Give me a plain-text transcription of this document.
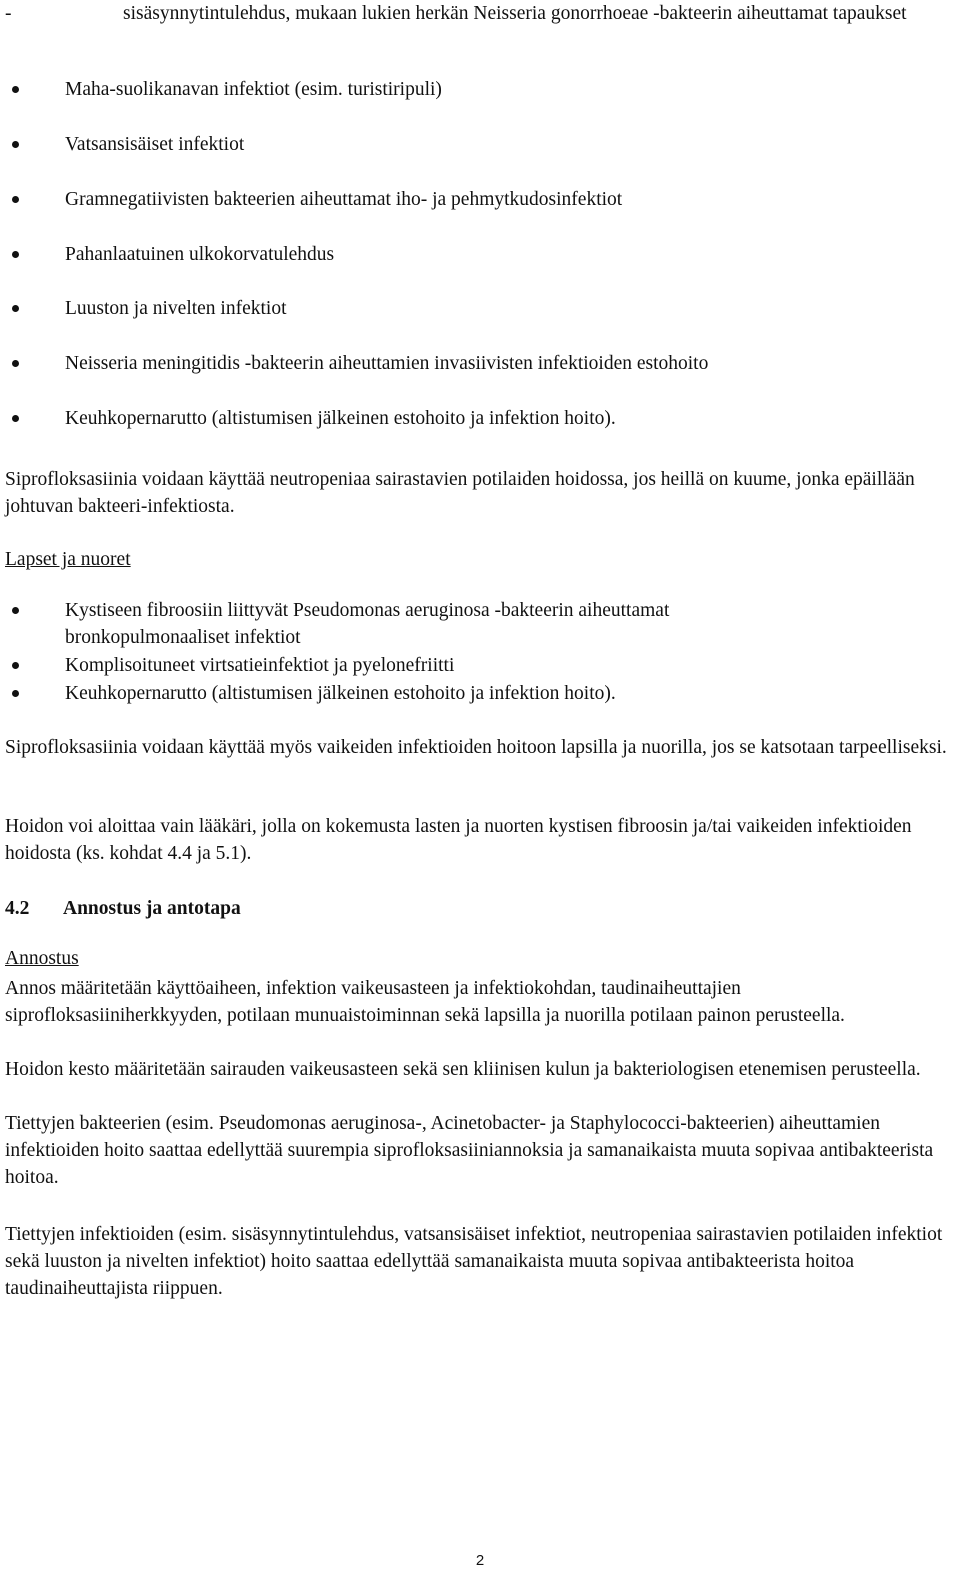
-	sisäsynnytintulehdus, mukaan lukien herkän Neisseria gonorrhoeae -bakteerin aiheuttamat tapaukset
Maha-suolikanavan infektiot (esim. turistiripuli)
Vatsansisäiset infektiot
Gramnegatiivisten bakteerien aiheuttamat iho- ja pehmytkudosinfektiot
Pahanlaatuinen ulkokorvatulehdus
Luuston ja nivelten infektiot
Neisseria meningitidis -bakteerin aiheuttamien invasiivisten infektioiden estohoito
Keuhkopernarutto (altistumisen jälkeinen estohoito ja infektion hoito).

Siprofloksasiinia voidaan käyttää neutropeniaa sairastavien potilaiden hoidossa, jos heillä on kuume, jonka epäillään johtuvan bakteeri-infektiosta.

Lapset ja nuoret
Kystiseen fibroosiin liittyvät Pseudomonas aeruginosa -bakteerin aiheuttamat bronkopulmonaaliset infektiot
Komplisoituneet virtsatieinfektiot ja pyelonefriitti
Keuhkopernarutto (altistumisen jälkeinen estohoito ja infektion hoito).

Siprofloksasiinia voidaan käyttää myös vaikeiden infektioiden hoitoon lapsilla ja nuorilla, jos se katsotaan tarpeelliseksi.

Hoidon voi aloittaa vain lääkäri, jolla on kokemusta lasten ja nuorten kystisen fibroosin ja/tai vaikeiden infektioiden hoidosta (ks. kohdat 4.4 ja 5.1).

4.2 Annostus ja antotapa
Annostus

Annos määritetään käyttöaiheen, infektion vaikeusasteen ja infektiokohdan, taudinaiheuttajien siprofloksasiiniherkkyyden, potilaan munuaistoiminnan sekä lapsilla ja nuorilla potilaan painon perusteella.

Hoidon kesto määritetään sairauden vaikeusasteen sekä sen kliinisen kulun ja bakteriologisen etenemisen perusteella.

Tiettyjen bakteerien (esim. Pseudomonas aeruginosa-, Acinetobacter- ja Staphylococci-bakteerien) aiheuttamien infektioiden hoito saattaa edellyttää suurempia siprofloksasiiniannoksia ja samanaikaista muuta sopivaa antibakteerista hoitoa.

Tiettyjen infektioiden (esim. sisäsynnytintulehdus, vatsansisäiset infektiot, neutropeniaa sairastavien potilaiden infektiot sekä luuston ja nivelten infektiot) hoito saattaa edellyttää samanaikaista muuta sopivaa antibakteerista hoitoa taudinaiheuttajista riippuen.

2
